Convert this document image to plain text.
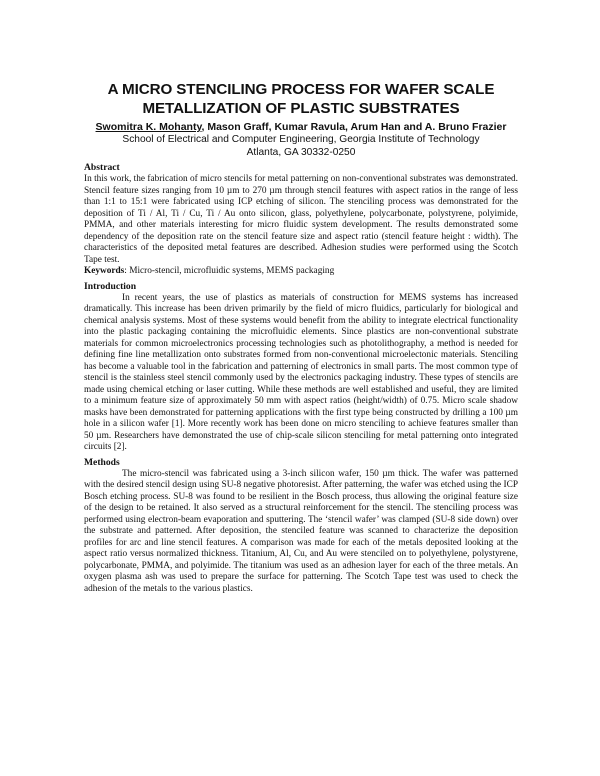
A MICRO STENCILING PROCESS FOR WAFER SCALE
METALLIZATION OF PLASTIC SUBSTRATES
Swomitra K. Mohanty, Mason Graff, Kumar Ravula, Arum Han and A. Bruno Frazier
School of Electrical and Computer Engineering, Georgia Institute of Technology
Atlanta, GA 30332-0250
Abstract

In this work, the fabrication of micro stencils for metal patterning on non-conventional substrates was demonstrated. Stencil feature sizes ranging from 10 µm to 270 µm through stencil features with aspect ratios in the range of less than 1:1 to 15:1 were fabricated using ICP etching of silicon. The stenciling process was demonstrated for the deposition of Ti / Al, Ti / Cu, Ti / Au onto silicon, glass, polyethylene, polycarbonate, polystyrene, polyimide, PMMA, and other materials interesting for micro fluidic system development. The results demonstrated some dependency of the deposition rate on the stencil feature size and aspect ratio (stencil feature height : width). The characteristics of the deposited metal features are described. Adhesion studies were performed using the Scotch Tape test.

Keywords: Micro-stencil, microfluidic systems, MEMS packaging

Introduction

In recent years, the use of plastics as materials of construction for MEMS systems has increased dramatically. This increase has been driven primarily by the field of micro fluidics, particularly for biological and chemical analysis systems. Most of these systems would benefit from the ability to integrate electrical functionality into the plastic packaging containing the microfluidic elements. Since plastics are non-conventional substrate materials for common microelectronics processing technologies such as photolithography, a method is needed for defining fine line metallization onto substrates formed from non-conventional microelectonic materials. Stenciling has become a valuable tool in the fabrication and patterning of electronics in small parts. The most common type of stencil is the stainless steel stencil commonly used by the electronics packaging industry. These types of stencils are made using chemical etching or laser cutting. While these methods are well established and useful, they are limited to a minimum feature size of approximately 50 mm with aspect ratios (height/width) of 0.75. Micro scale shadow masks have been demonstrated for patterning applications with the first type being constructed by drilling a 100 µm hole in a silicon wafer [1]. More recently work has been done on micro stenciling to achieve features smaller than 50 µm. Researchers have demonstrated the use of chip-scale silicon stenciling for metal patterning onto integrated circuits [2].

Methods

The micro-stencil was fabricated using a 3-inch silicon wafer, 150 µm thick. The wafer was patterned with the desired stencil design using SU-8 negative photoresist. After patterning, the wafer was etched using the ICP Bosch etching process. SU-8 was found to be resilient in the Bosch process, thus allowing the original feature size of the design to be retained. It also served as a structural reinforcement for the stencil. The stenciling process was performed using electron-beam evaporation and sputtering. The ‘stencil wafer’ was clamped (SU-8 side down) over the substrate and patterned. After deposition, the stenciled feature was scanned to characterize the deposition profiles for arc and line stencil features. A comparison was made for each of the metals deposited looking at the aspect ratio versus normalized thickness. Titanium, Al, Cu, and Au were stenciled on to polyethylene, polystyrene, polycarbonate, PMMA, and polyimide. The titanium was used as an adhesion layer for each of the three metals. An oxygen plasma ash was used to prepare the surface for patterning. The Scotch Tape test was used to check the adhesion of the metals to the various plastics.
